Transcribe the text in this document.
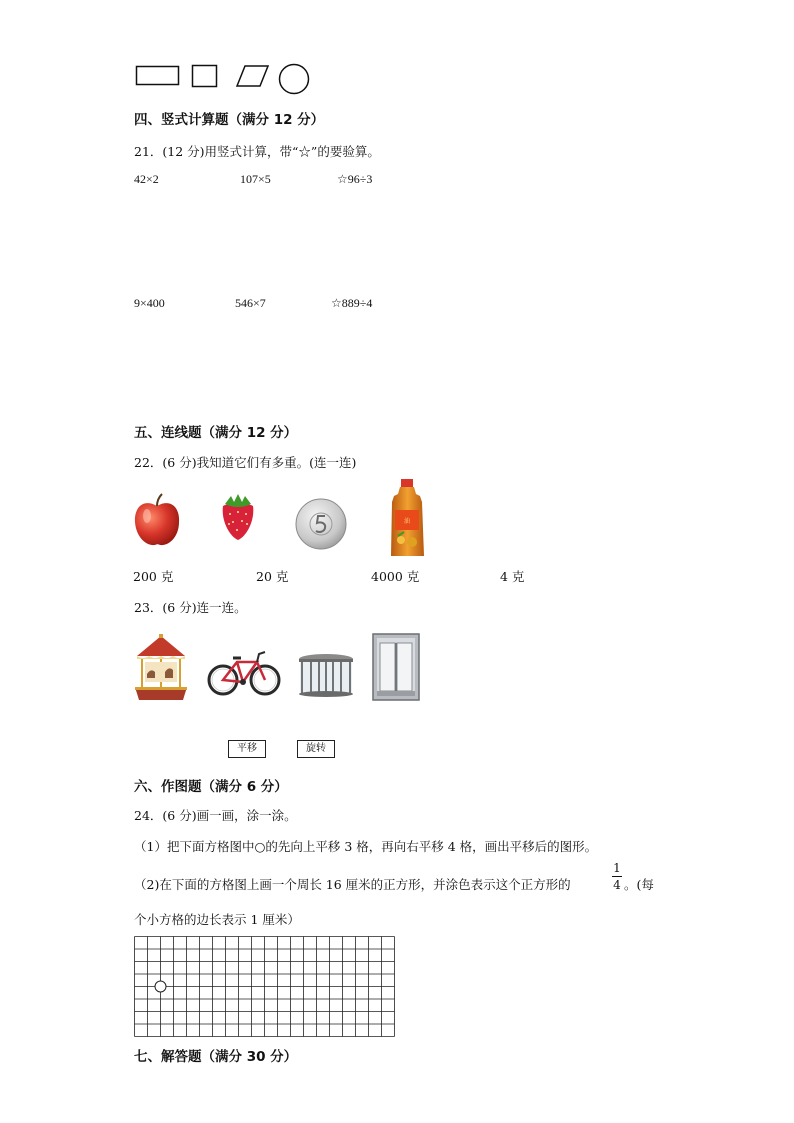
四、竖式计算题（满分 12 分）
21．(12 分)用竖式计算，带“☆”的要验算。
42×2	107×5	☆96÷3
9×400	546×7	☆889÷4
五、连线题（满分 12 分）
22．(6 分)我知道它们有多重。(连一连)
油
200 克	20 克	4000 克	4 克
23．(6 分)连一连。
平移	旋转
六、作图题（满分 6 分）
24．(6 分)画一画，涂一涂。
（1）把下面方格图中○的先向上平移 3 格，再向右平移 4 格，画出平移后的图形。
（2)在下面的方格图上画一个周长 16 厘米的正方形，并涂色表示这个正方形的
1
4 。(每
个小方格的边长表示 1 厘米）
七、解答题（满分 30 分）
